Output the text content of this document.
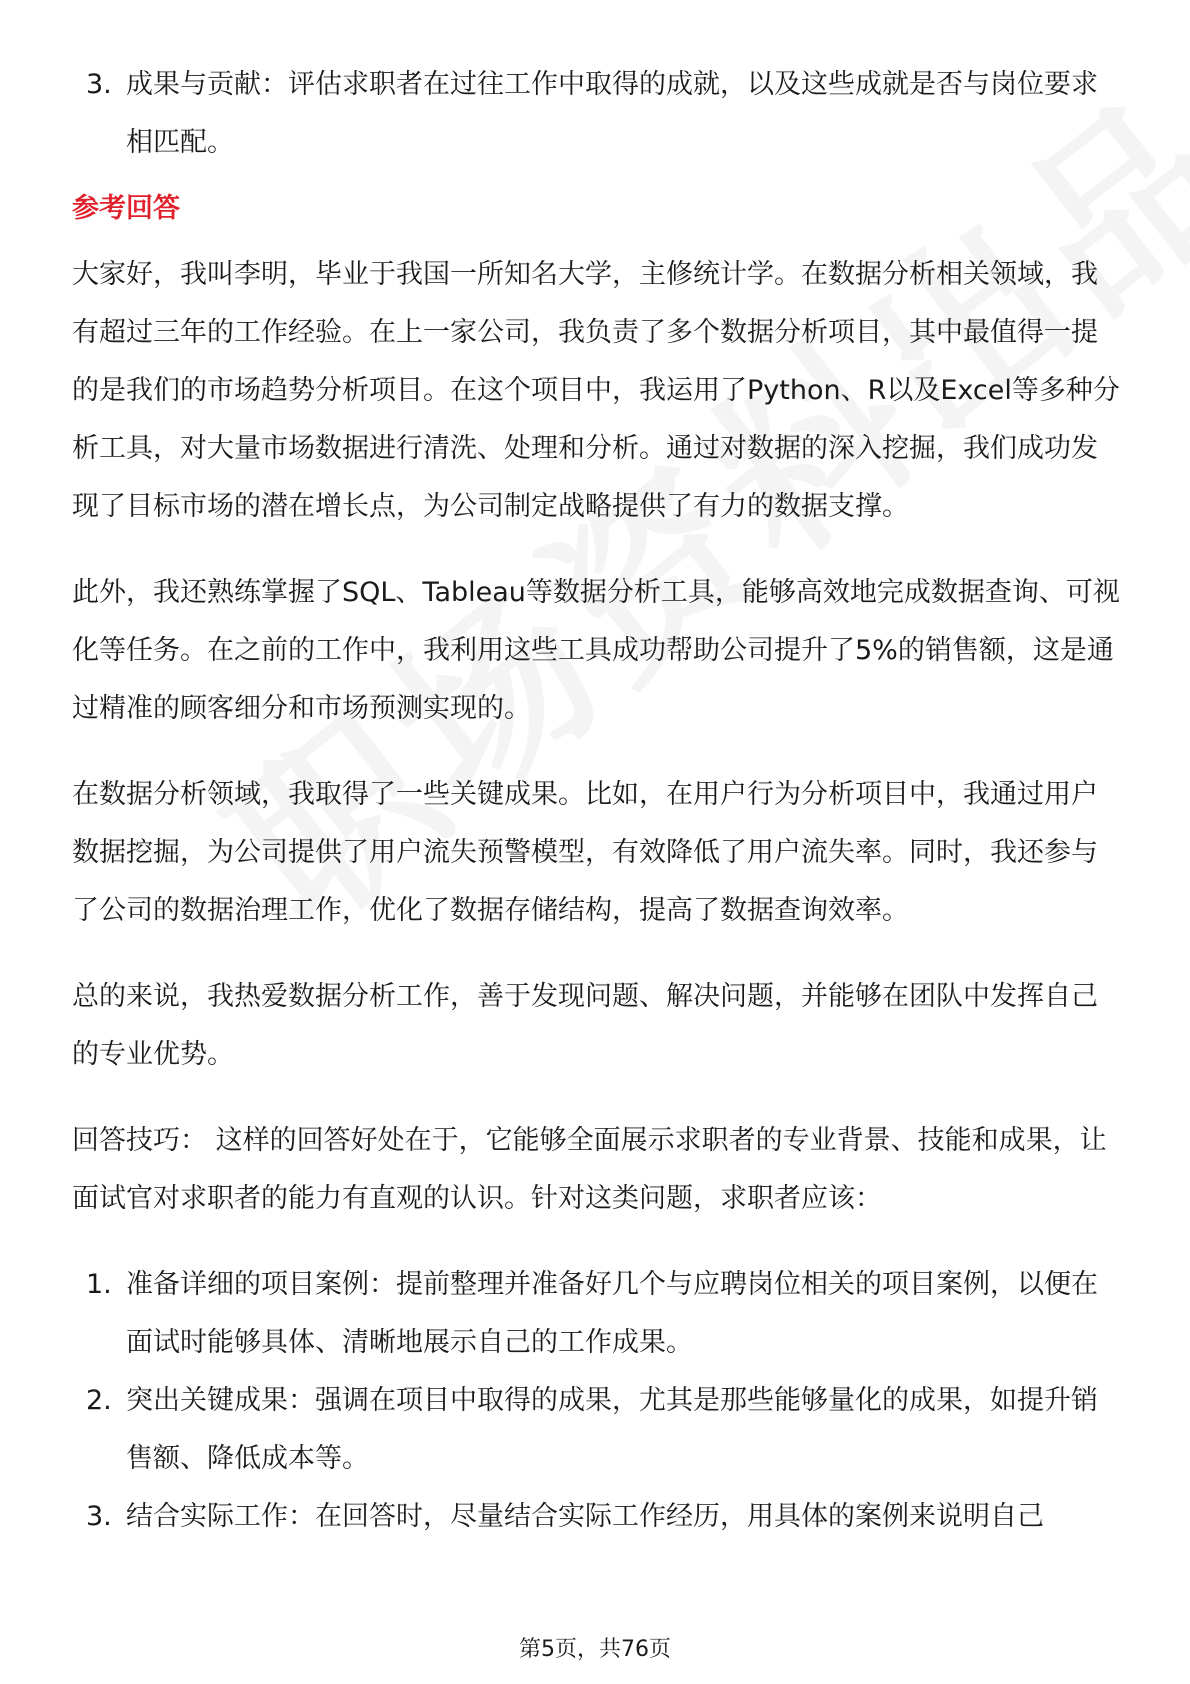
3. 成果与贡献：评估求职者在过往工作中取得的成就，以及这些成就是否与岗位要求相匹配。

参考回答

大家好，我叫李明，毕业于我国一所知名大学，主修统计学。在数据分析相关领域，我有超过三年的工作经验。在上一家公司，我负责了多个数据分析项目，其中最值得一提的是我们的市场趋势分析项目。在这个项目中，我运用了Python、R以及Excel等多种分析工具，对大量市场数据进行清洗、处理和分析。通过对数据的深入挖掘，我们成功发现了目标市场的潜在增长点，为公司制定战略提供了有力的数据支撑。

此外，我还熟练掌握了SQL、Tableau等数据分析工具，能够高效地完成数据查询、可视化等任务。在之前的工作中，我利用这些工具成功帮助公司提升了5%的销售额，这是通过精准的顾客细分和市场预测实现的。

在数据分析领域，我取得了一些关键成果。比如，在用户行为分析项目中，我通过用户数据挖掘，为公司提供了用户流失预警模型，有效降低了用户流失率。同时，我还参与了公司的数据治理工作，优化了数据存储结构，提高了数据查询效率。

总的来说，我热爱数据分析工作，善于发现问题、解决问题，并能够在团队中发挥自己的专业优势。

回答技巧： 这样的回答好处在于，它能够全面展示求职者的专业背景、技能和成果，让面试官对求职者的能力有直观的认识。针对这类问题，求职者应该：

1. 准备详细的项目案例：提前整理并准备好几个与应聘岗位相关的项目案例，以便在面试时能够具体、清晰地展示自己的工作成果。

2. 突出关键成果：强调在项目中取得的成果，尤其是那些能够量化的成果，如提升销售额、降低成本等。

3. 结合实际工作：在回答时，尽量结合实际工作经历，用具体的案例来说明自己

第5页，共76页
